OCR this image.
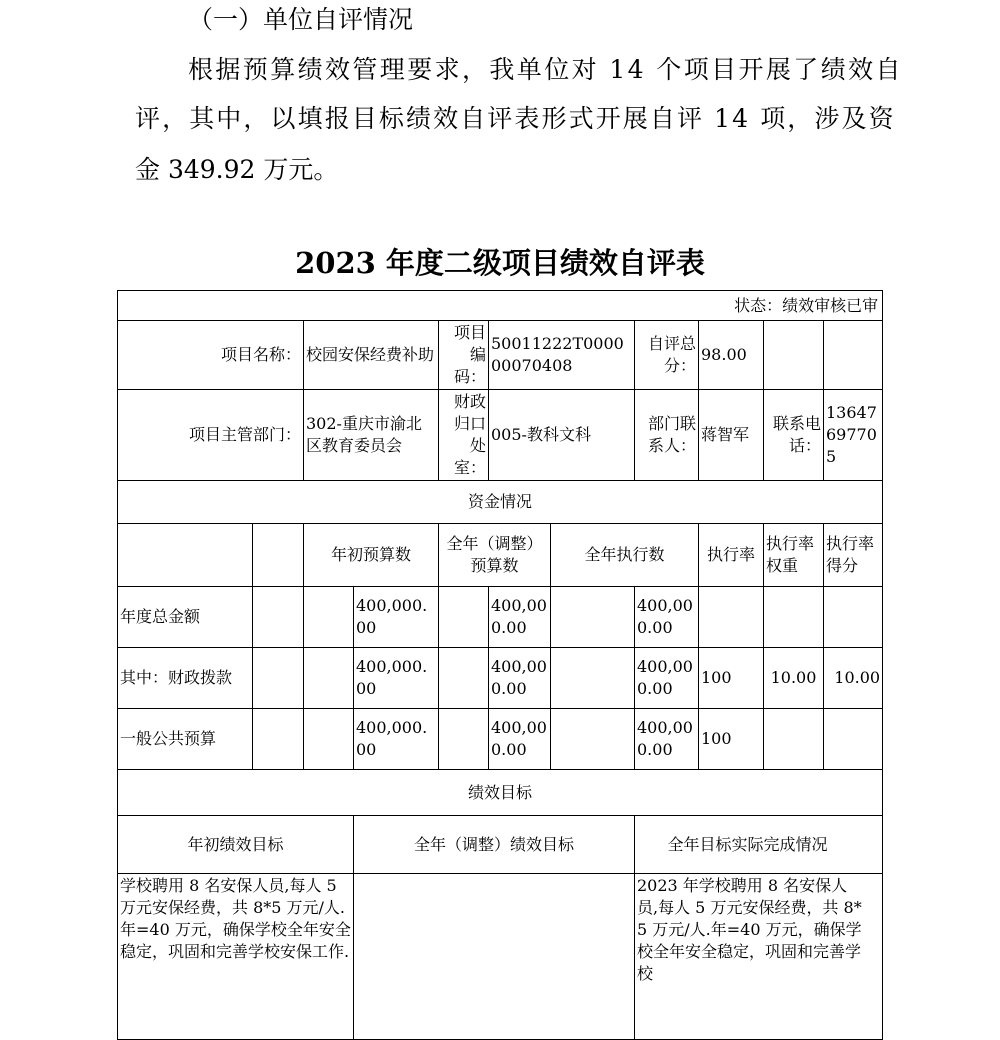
（一）单位自评情况
根据预算绩效管理要求，我单位对 14 个项目开展了绩效自
评，其中，以填报目标绩效自评表形式开展自评 14 项，涉及资
金 349.92 万元。
2023 年度二级项目绩效自评表
状态：绩效审核已审										
项目名称：		校园安保经费补助		项目编码：	50011222T000000070408		自评总分：	98.00		
项目主管部门：		302-重庆市渝北区教育委员会		财政归口处室：	005-教科文科		部门联系人：	蒋智军	联系电话：	13647697705
资金情况										
		年初预算数		全年（调整）预算数		全年执行数		执行率	执行率权重	执行率得分
年度总金额			400,000.00		400,000.00		400,000.00			
其中：财政拨款			400,000.00		400,000.00		400,000.00	100	10.00	10.00
一般公共预算			400,000.00		400,000.00		400,000.00	100		
绩效目标										
年初绩效目标			全年（调整）绩效目标				全年目标实际完成情况			
学校聘用 8 名安保人员,每人 5 万元安保经费，共 8*5 万元/人.年=40 万元，确保学校全年安全稳定，巩固和完善学校安保工作.							2023 年学校聘用 8 名安保人员,每人 5 万元安保经费，共 8*5 万元/人.年=40 万元，确保学校全年安全稳定，巩固和完善学校			
